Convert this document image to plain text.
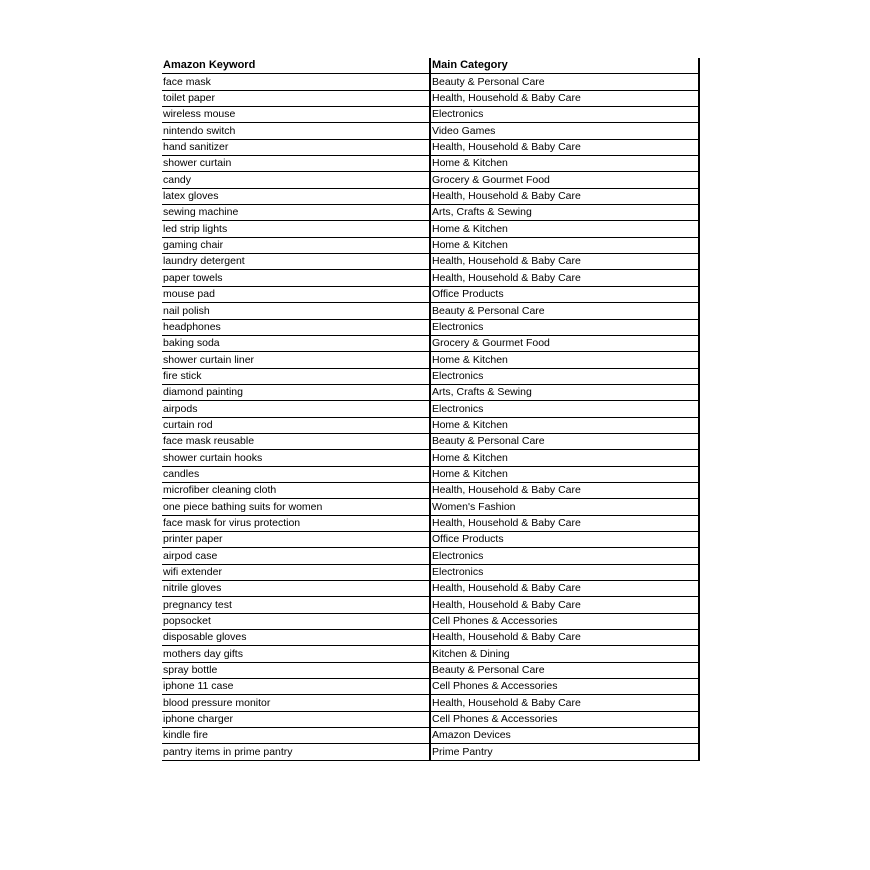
Amazon Keyword	Main Category
face mask	Beauty & Personal Care
toilet paper	Health, Household & Baby Care
wireless mouse	Electronics
nintendo switch	Video Games
hand sanitizer	Health, Household & Baby Care
shower curtain	Home & Kitchen
candy	Grocery & Gourmet Food
latex gloves	Health, Household & Baby Care
sewing machine	Arts, Crafts & Sewing
led strip lights	Home & Kitchen
gaming chair	Home & Kitchen
laundry detergent	Health, Household & Baby Care
paper towels	Health, Household & Baby Care
mouse pad	Office Products
nail polish	Beauty & Personal Care
headphones	Electronics
baking soda	Grocery & Gourmet Food
shower curtain liner	Home & Kitchen
fire stick	Electronics
diamond painting	Arts, Crafts & Sewing
airpods	Electronics
curtain rod	Home & Kitchen
face mask reusable	Beauty & Personal Care
shower curtain hooks	Home & Kitchen
candles	Home & Kitchen
microfiber cleaning cloth	Health, Household & Baby Care
one piece bathing suits for women	Women's Fashion
face mask for virus protection	Health, Household & Baby Care
printer paper	Office Products
airpod case	Electronics
wifi extender	Electronics
nitrile gloves	Health, Household & Baby Care
pregnancy test	Health, Household & Baby Care
popsocket	Cell Phones & Accessories
disposable gloves	Health, Household & Baby Care
mothers day gifts	Kitchen & Dining
spray bottle	Beauty & Personal Care
iphone 11 case	Cell Phones & Accessories
blood pressure monitor	Health, Household & Baby Care
iphone charger	Cell Phones & Accessories
kindle fire	Amazon Devices
pantry items in prime pantry	Prime Pantry
